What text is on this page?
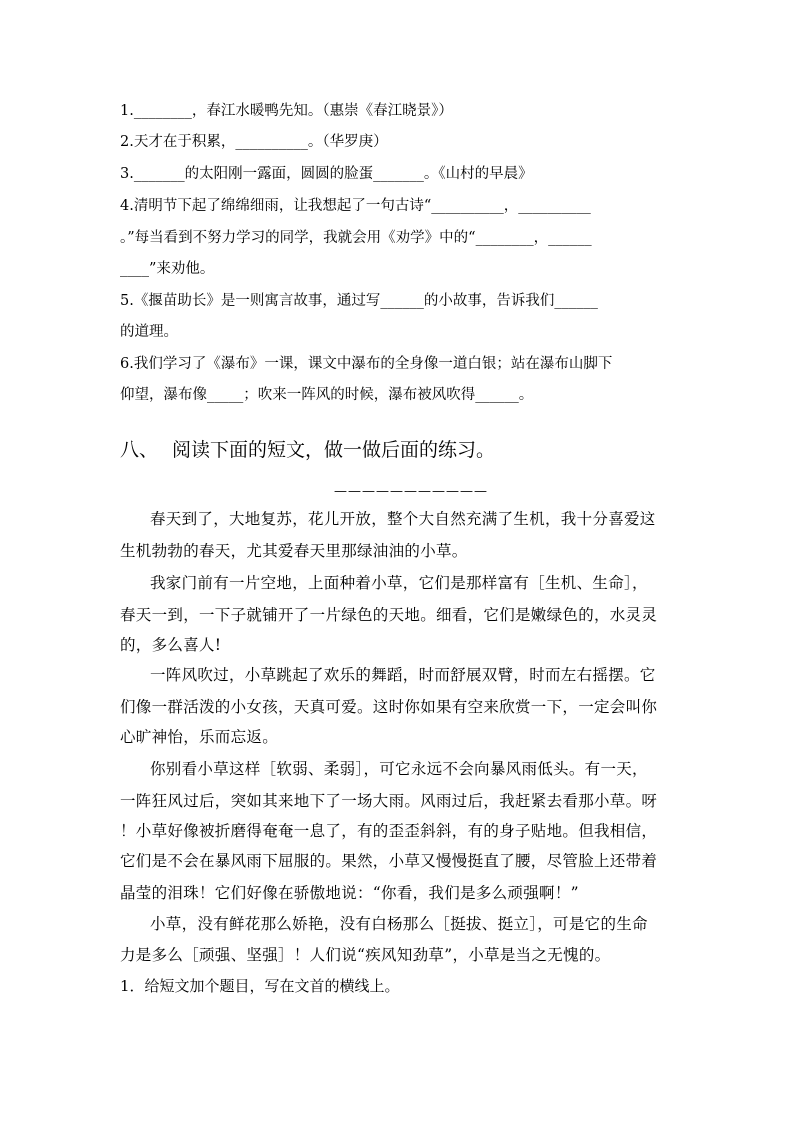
1.________，春江水暖鸭先知。（惠崇《春江晓景》）
2.天才在于积累，__________。（华罗庚）
3._______的太阳刚一露面，圆圆的脸蛋_______。《山村的早晨》
4.清明节下起了绵绵细雨，让我想起了一句古诗“__________，__________
。”每当看到不努力学习的同学，我就会用《劝学》中的“________，______
____”来劝他。
5.《揠苗助长》是一则寓言故事，通过写______的小故事，告诉我们______
的道理。
6.我们学习了《瀑布》一课，课文中瀑布的全身像一道白银；站在瀑布山脚下
仰望，瀑布像_____；吹来一阵风的时候，瀑布被风吹得______。
八、 阅读下面的短文，做一做后面的练习。
———————————
春天到了，大地复苏，花儿开放，整个大自然充满了生机，我十分喜爱这
生机勃勃的春天，尤其爱春天里那绿油油的小草。
我家门前有一片空地，上面种着小草，它们是那样富有［生机、生命］，
春天一到，一下子就铺开了一片绿色的天地。细看，它们是嫩绿色的，水灵灵
的，多么喜人!
一阵风吹过，小草跳起了欢乐的舞蹈，时而舒展双臂，时而左右摇摆。它
们像一群活泼的小女孩，天真可爱。这时你如果有空来欣赏一下，一定会叫你
心旷神怡，乐而忘返。
你别看小草这样［软弱、柔弱］，可它永远不会向暴风雨低头。有一天，
一阵狂风过后，突如其来地下了一场大雨。风雨过后，我赶紧去看那小草。呀
！小草好像被折磨得奄奄一息了，有的歪歪斜斜，有的身子贴地。但我相信，
它们是不会在暴风雨下屈服的。果然，小草又慢慢挺直了腰，尽管脸上还带着
晶莹的泪珠！它们好像在骄傲地说：“你看，我们是多么顽强啊！”
小草，没有鲜花那么娇艳，没有白杨那么［挺拔、挺立］，可是它的生命
力是多么［顽强、坚强］！人们说“疾风知劲草”，小草是当之无愧的。
1．给短文加个题目，写在文首的横线上。
